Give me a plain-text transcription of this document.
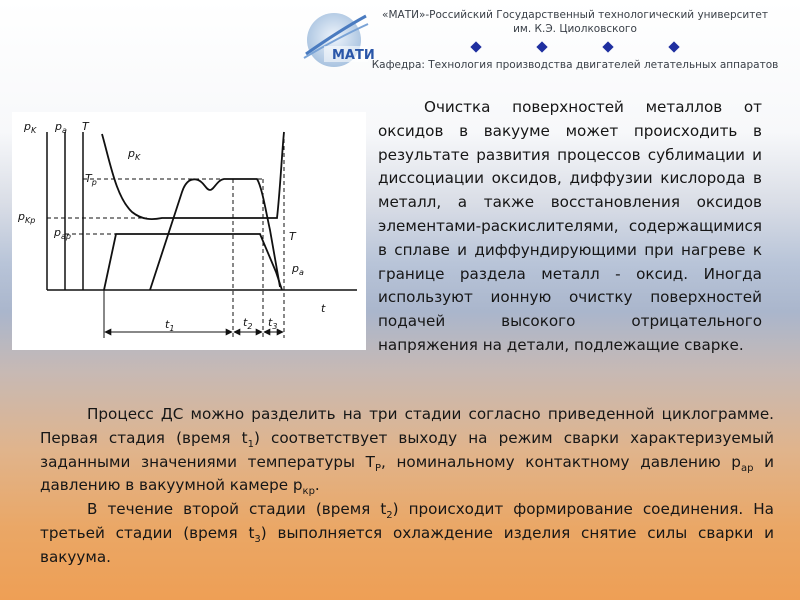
МАТИ
«МАТИ»-Российский Государственный технологический университет
им. К.Э. Циолковского
Кафедра: Технология производства двигателей летательных аппаратов
$p_K$ $p_a$ T
t
$T_p$
$p_{Kp}$
$p_{ap}$
$p_K$
T
$p_a$
$t_1$	$t_2$ $t_3$

Очистка поверхностей металлов от оксидов в вакууме может происходить в результате развития процессов сублимации и диссоциации оксидов, диффузии кислорода в металл, а также восстановления оксидов элементами-раскислителями, содержащимися в сплаве и диффундирующими при нагреве к границе раздела металл - оксид. Иногда используют ионную очистку поверхностей подачей высокого отрицательного напряжения на детали, подлежащие сварке.

Процесс ДС можно разделить на три стадии согласно приведенной циклограмме. Первая стадия (время $t_1$) соответствует выходу на режим сварки характеризуемый заданными значениями температуры $Т_Р$, номинальному контактному давлению $р_{ар}$ и давлению в вакуумной камере $р_{кр}$.

В течение второй стадии (время $t_2$) происходит формирование соединения. На третьей стадии (время $t_3$) выполняется охлаждение изделия снятие силы сварки и вакуума.
